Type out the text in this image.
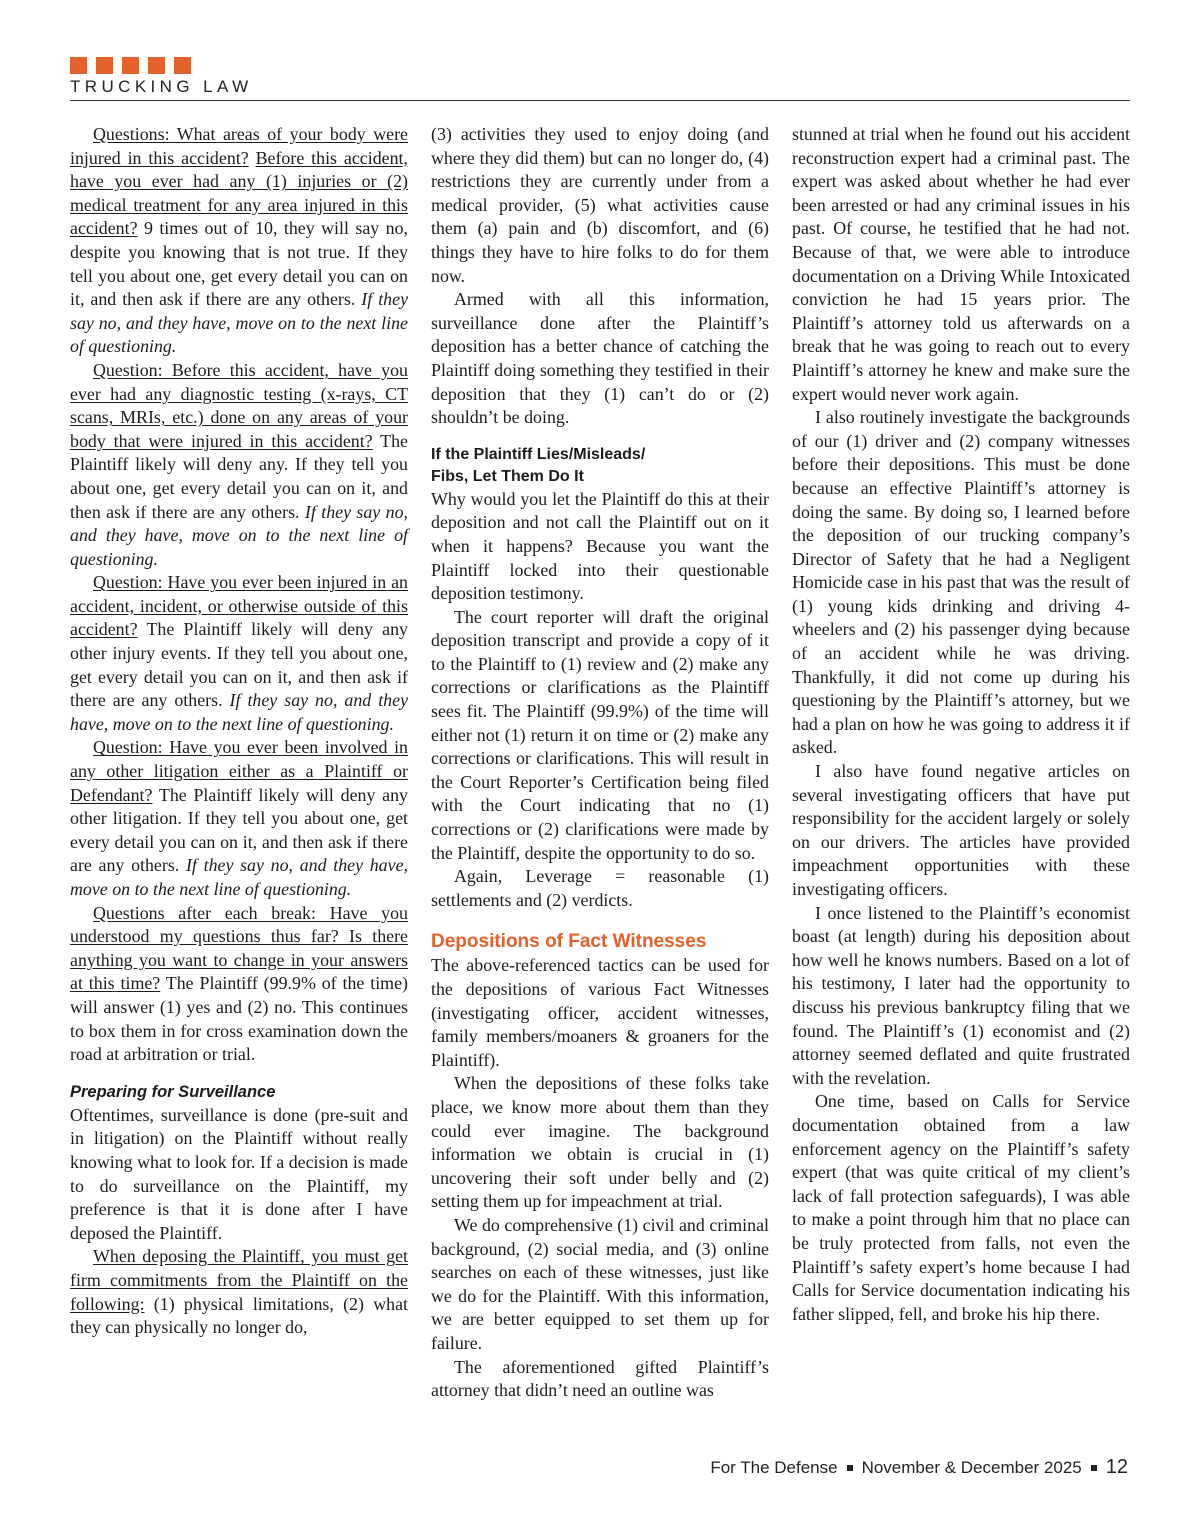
TRUCKING LAW

Questions: What areas of your body were injured in this accident? Before this accident, have you ever had any (1) injuries or (2) medical treatment for any area injured in this accident? 9 times out of 10, they will say no, despite you knowing that is not true. If they tell you about one, get every detail you can on it, and then ask if there are any others. If they say no, and they have, move on to the next line of questioning.

Question: Before this accident, have you ever had any diagnostic testing (x-rays, CT scans, MRIs, etc.) done on any areas of your body that were injured in this accident? The Plaintiff likely will deny any. If they tell you about one, get every detail you can on it, and then ask if there are any others. If they say no, and they have, move on to the next line of questioning.

Question: Have you ever been injured in an accident, incident, or otherwise outside of this accident? The Plaintiff likely will deny any other injury events. If they tell you about one, get every detail you can on it, and then ask if there are any others. If they say no, and they have, move on to the next line of questioning.

Question: Have you ever been involved in any other litigation either as a Plaintiff or Defendant? The Plaintiff likely will deny any other litigation. If they tell you about one, get every detail you can on it, and then ask if there are any others. If they say no, and they have, move on to the next line of questioning.

Questions after each break: Have you understood my questions thus far? Is there anything you want to change in your answers at this time? The Plaintiff (99.9% of the time) will answer (1) yes and (2) no. This continues to box them in for cross examination down the road at arbitration or trial.

Preparing for Surveillance

Oftentimes, surveillance is done (pre-suit and in litigation) on the Plaintiff without really knowing what to look for. If a decision is made to do surveillance on the Plaintiff, my preference is that it is done after I have deposed the Plaintiff.

When deposing the Plaintiff, you must get firm commitments from the Plaintiff on the following: (1) physical limitations, (2) what they can physically no longer do,

(3) activities they used to enjoy doing (and where they did them) but can no longer do, (4) restrictions they are currently under from a medical provider, (5) what activities cause them (a) pain and (b) discomfort, and (6) things they have to hire folks to do for them now.

Armed with all this information, surveillance done after the Plaintiff’s deposition has a better chance of catching the Plaintiff doing something they testified in their deposition that they (1) can’t do or (2) shouldn’t be doing.

If the Plaintiff Lies/Misleads/
Fibs, Let Them Do It

Why would you let the Plaintiff do this at their deposition and not call the Plaintiff out on it when it happens? Because you want the Plaintiff locked into their questionable deposition testimony.

The court reporter will draft the original deposition transcript and provide a copy of it to the Plaintiff to (1) review and (2) make any corrections or clarifications as the Plaintiff sees fit. The Plaintiff (99.9%) of the time will either not (1) return it on time or (2) make any corrections or clarifications. This will result in the Court Reporter’s Certification being filed with the Court indicating that no (1) corrections or (2) clarifications were made by the Plaintiff, despite the opportunity to do so.

Again, Leverage = reasonable (1) settlements and (2) verdicts.

Depositions of Fact Witnesses

The above-referenced tactics can be used for the depositions of various Fact Witnesses (investigating officer, accident witnesses, family members/moaners & groaners for the Plaintiff).

When the depositions of these folks take place, we know more about them than they could ever imagine. The background information we obtain is crucial in (1) uncovering their soft under belly and (2) setting them up for impeachment at trial.

We do comprehensive (1) civil and criminal background, (2) social media, and (3) online searches on each of these witnesses, just like we do for the Plaintiff. With this information, we are better equipped to set them up for failure.

The aforementioned gifted Plaintiff’s attorney that didn’t need an outline was

stunned at trial when he found out his accident reconstruction expert had a criminal past. The expert was asked about whether he had ever been arrested or had any criminal issues in his past. Of course, he testified that he had not. Because of that, we were able to introduce documentation on a Driving While Intoxicated conviction he had 15 years prior. The Plaintiff’s attorney told us afterwards on a break that he was going to reach out to every Plaintiff’s attorney he knew and make sure the expert would never work again.

I also routinely investigate the backgrounds of our (1) driver and (2) company witnesses before their depositions. This must be done because an effective Plaintiff’s attorney is doing the same. By doing so, I learned before the deposition of our trucking company’s Director of Safety that he had a Negligent Homicide case in his past that was the result of (1) young kids drinking and driving 4-wheelers and (2) his passenger dying because of an accident while he was driving. Thankfully, it did not come up during his questioning by the Plaintiff’s attorney, but we had a plan on how he was going to address it if asked.

I also have found negative articles on several investigating officers that have put responsibility for the accident largely or solely on our drivers. The articles have provided impeachment opportunities with these investigating officers.

I once listened to the Plaintiff’s economist boast (at length) during his deposition about how well he knows numbers. Based on a lot of his testimony, I later had the opportunity to discuss his previous bankruptcy filing that we found. The Plaintiff’s (1) economist and (2) attorney seemed deflated and quite frustrated with the revelation.

One time, based on Calls for Service documentation obtained from a law enforcement agency on the Plaintiff’s safety expert (that was quite critical of my client’s lack of fall protection safeguards), I was able to make a point through him that no place can be truly protected from falls, not even the Plaintiff’s safety expert’s home because I had Calls for Service documentation indicating his father slipped, fell, and broke his hip there.

For The Defense November & December 2025 12
